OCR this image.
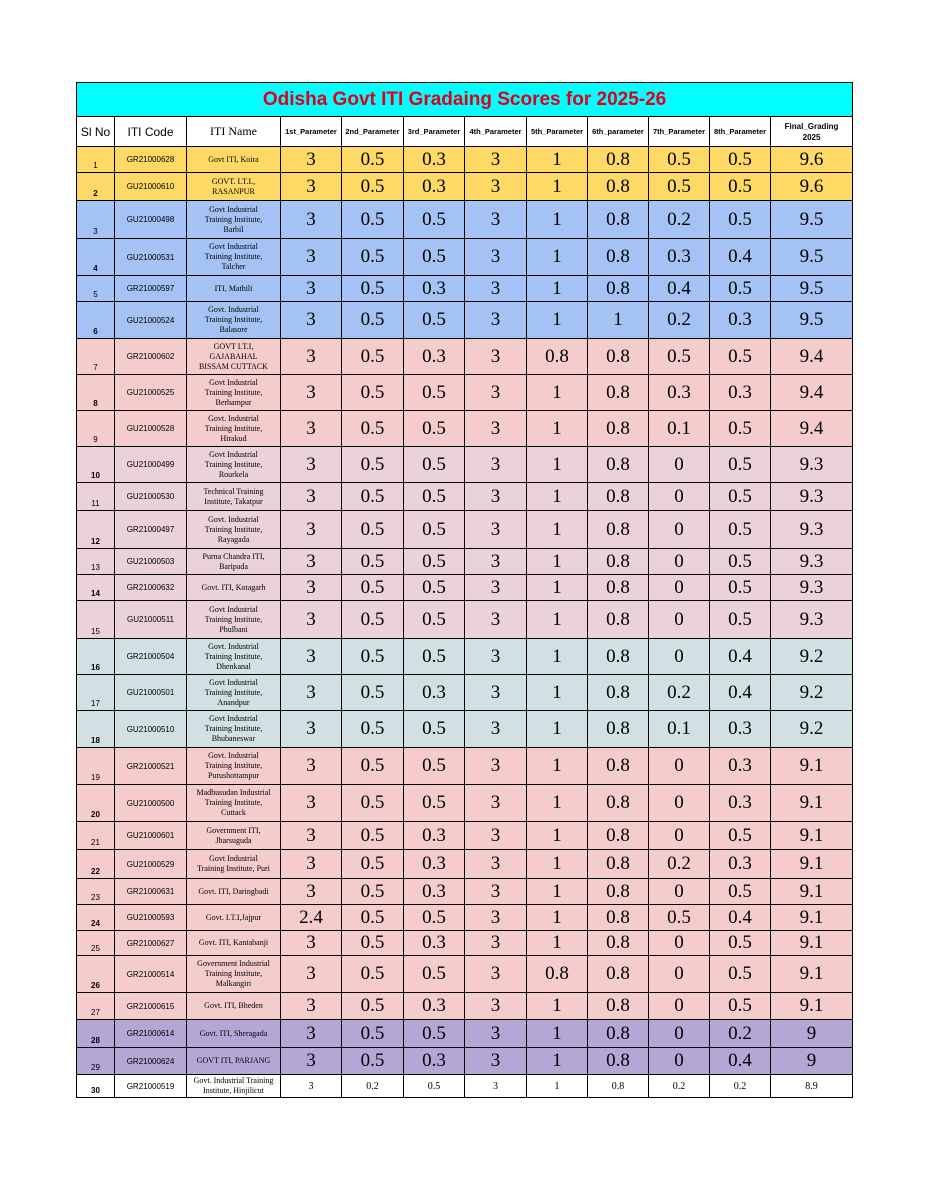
Odisha Govt ITI Gradaing Scores for 2025-26											
Sl No	ITI Code	ITI Name	1st_Parameter	2nd_Parameter	3rd_Parameter	4th_Parameter	5th_Parameter	6th_parameter	7th_Parameter	8th_Parameter	Final_Grading
2025

1	GR21000628	Govt ITI, Koira	3	0.5	0.3	3	1	0.8	0.5	0.5	9.6
2	GU21000610	GOVT. I.T.I.,
RASANPUR	3	0.5	0.3	3	1	0.8	0.5	0.5	9.6
3	GU21000498	Govt Industrial
Training Institute,
Barbil	3	0.5	0.5	3	1	0.8	0.2	0.5	9.5
4	GU21000531	Govt Industrial
Training Institute,
Talcher	3	0.5	0.5	3	1	0.8	0.3	0.4	9.5
5	GR21000597	ITI, Mathili	3	0.5	0.3	3	1	0.8	0.4	0.5	9.5
6	GU21000524	Govt. Industrial
Training Institute,
Balasore	3	0.5	0.5	3	1	1	0.2	0.3	9.5
7	GR21000602	GOVT I.T.I,
GAJABAHAL
BISSAM CUTTACK	3	0.5	0.3	3	0.8	0.8	0.5	0.5	9.4
8	GU21000525	Govt Industrial
Training Institute,
Berhampur	3	0.5	0.5	3	1	0.8	0.3	0.3	9.4
9	GU21000528	Govt. Industrial
Training Institute,
Hirakud	3	0.5	0.5	3	1	0.8	0.1	0.5	9.4
10	GU21000499	Govt Industrial
Training Institute,
Rourkela	3	0.5	0.5	3	1	0.8	0	0.5	9.3
11	GU21000530	Technical Training
Institute, Takatpur	3	0.5	0.5	3	1	0.8	0	0.5	9.3
12	GR21000497	Govt. Industrial
Training Institute,
Rayagada	3	0.5	0.5	3	1	0.8	0	0.5	9.3
13	GU21000503	Purna Chandra ITI,
Baripada	3	0.5	0.5	3	1	0.8	0	0.5	9.3
14	GR21000632	Govt. ITI, Kotagarh	3	0.5	0.5	3	1	0.8	0	0.5	9.3
15	GU21000511	Govt Industrial
Training Institute,
Phulbani	3	0.5	0.5	3	1	0.8	0	0.5	9.3
16	GR21000504	Govt. Industrial
Training Institute,
Dhenkanal	3	0.5	0.5	3	1	0.8	0	0.4	9.2
17	GU21000501	Govt Industrial
Training Institute,
Anandpur	3	0.5	0.3	3	1	0.8	0.2	0.4	9.2
18	GU21000510	Govt Industrial
Training Institute,
Bhubaneswar	3	0.5	0.5	3	1	0.8	0.1	0.3	9.2
19	GR21000521	Govt. Industrial
Training Institute,
Purushottampur	3	0.5	0.5	3	1	0.8	0	0.3	9.1
20	GU21000500	Madhusudan Industrial
Training Institute,
Cuttack	3	0.5	0.5	3	1	0.8	0	0.3	9.1
21	GU21000601	Government ITI,
Jharsuguda	3	0.5	0.3	3	1	0.8	0	0.5	9.1
22	GU21000529	Govt Industrial
Training Institute, Puri	3	0.5	0.3	3	1	0.8	0.2	0.3	9.1
23	GR21000631	Govt. ITI, Daringbadi	3	0.5	0.3	3	1	0.8	0	0.5	9.1
24	GU21000593	Govt. I.T.I,Jajpur	2.4	0.5	0.5	3	1	0.8	0.5	0.4	9.1
25	GR21000627	Govt. ITI, Kantabanji	3	0.5	0.3	3	1	0.8	0	0.5	9.1
26	GR21000514	Government Industrial
Training Institute,
Malkangiri	3	0.5	0.5	3	0.8	0.8	0	0.5	9.1
27	GR21000615	Govt. ITI, Bheden	3	0.5	0.3	3	1	0.8	0	0.5	9.1
28	GR21000614	Govt. ITI, Sheragada	3	0.5	0.5	3	1	0.8	0	0.2	9
29	GR21000624	GOVT ITI, PARJANG	3	0.5	0.3	3	1	0.8	0	0.4	9
30	GR21000519	Govt. Industrial Training
Institute, Hinjilicut	3	0.2	0.5	3	1	0.8	0.2	0.2	8.9
